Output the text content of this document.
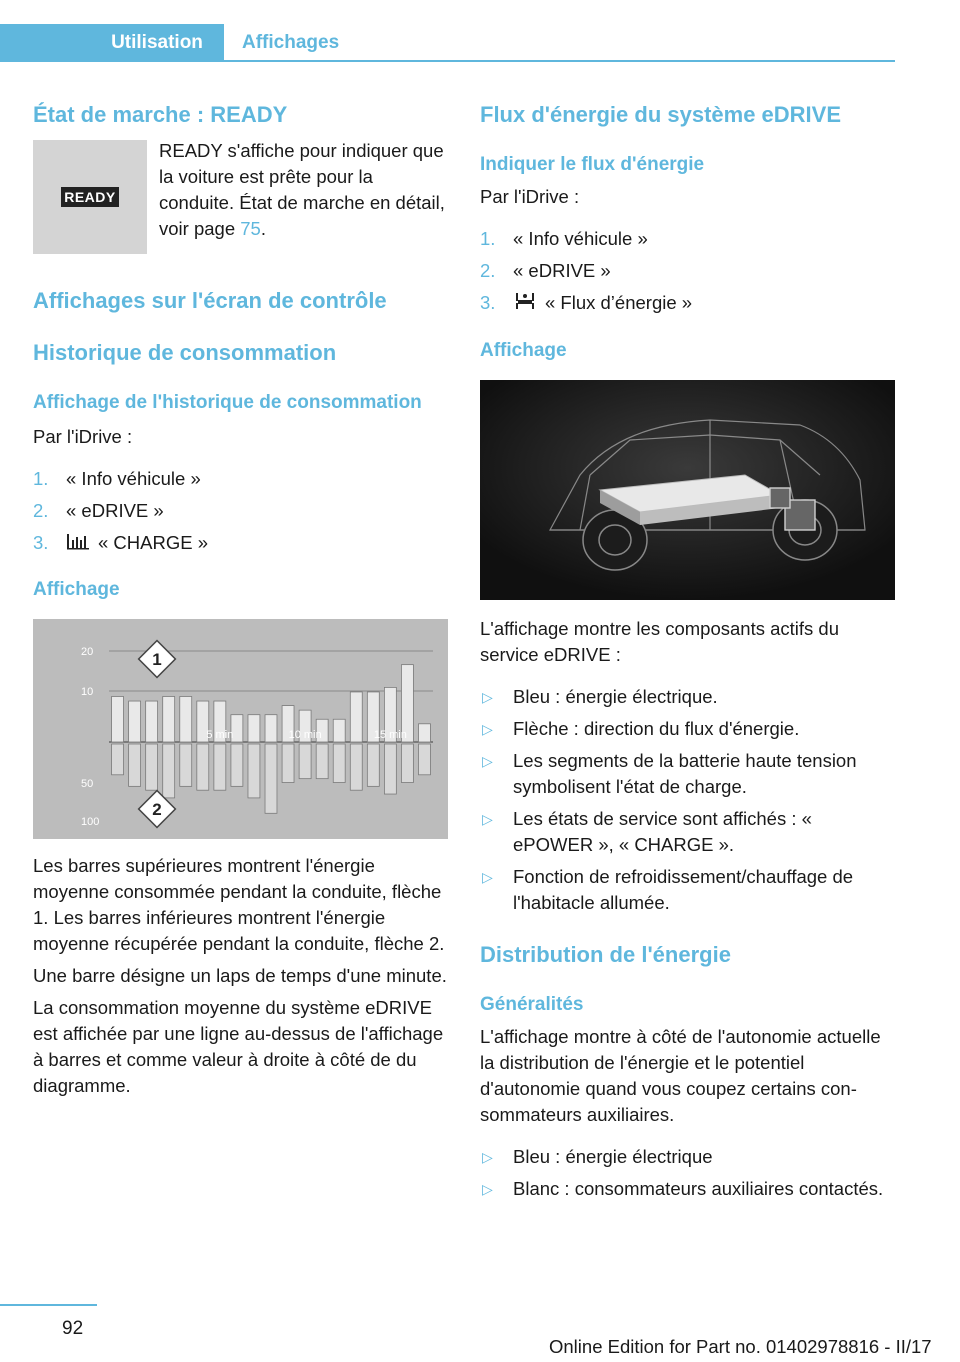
Utilisation	Affichages
État de marche : READY
READY

READY s'affiche pour indiquer que la voiture est prête pour la conduite. État de marche en détail, voir page 75.

Affichages sur l'écran de contrôle
Historique de consommation
Affichage de l'historique de consommation

Par l'iDrive :

1. « Info véhicule »
2. « eDRIVE »
3.	« CHARGE »
Affichage
20
10
50
100
5 min	10 min	15 min
1
2

Les barres supérieures montrent l'énergie moyenne consommée pendant la conduite, flèche 1. Les barres inférieures montrent l'énergie moyenne récupérée pendant la conduite, flèche 2.

Une barre désigne un laps de temps d'une minute.

La consommation moyenne du système eDRIVE est affichée par une ligne au-dessus de l'affichage à barres et comme valeur à droite à côté de du diagramme.

Flux d'énergie du système eDRIVE
Indiquer le flux d'énergie

Par l'iDrive :

1. « Info véhicule »
2. « eDRIVE »
3.	« Flux d’énergie »
Affichage

L'affichage montre les composants actifs du service eDRIVE :

▷ Bleu : énergie électrique.
▷ Flèche : direction du flux d'énergie.
▷ Les segments de la batterie haute tension symbolisent l'état de charge.
▷ Les états de service sont affichés : « ePOWER », « CHARGE ».
▷ Fonction de refroidissement/chauffage de l'habitacle allumée.
Distribution de l'énergie
Généralités

L'affichage montre à côté de l'autonomie actuelle la distribution de l'énergie et le potentiel d'autonomie quand vous coupez certains consommateurs auxiliaires.

▷ Bleu : énergie électrique
▷ Blanc : consommateurs auxiliaires contactés.
92
Online Edition for Part no. 01402978816 - II/17
